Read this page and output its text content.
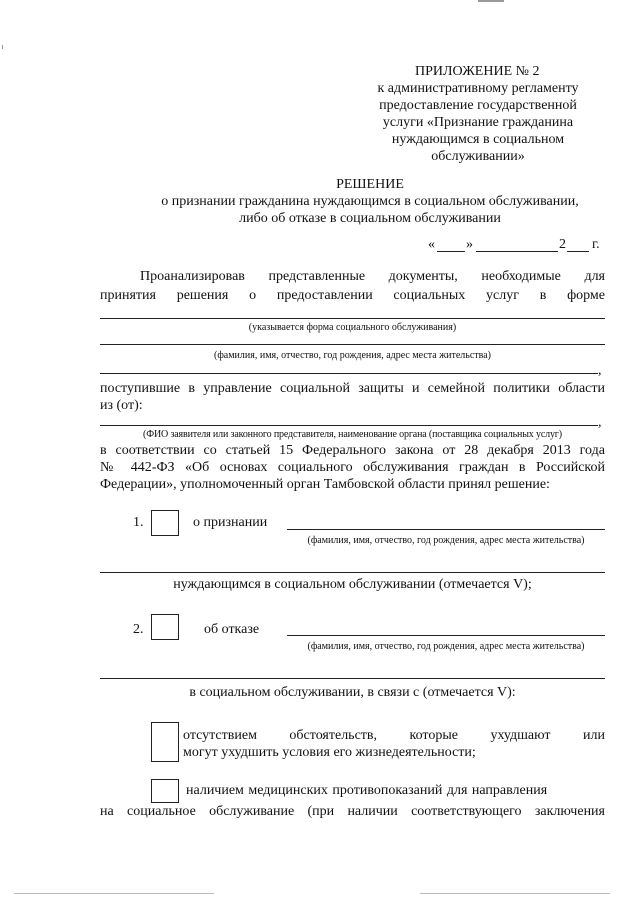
ПРИЛОЖЕНИЕ № 2
к административному регламенту
предоставление государственной
услуги «Признание гражданина
нуждающимся в социальном
обслуживании»
РЕШЕНИЕ
о признании гражданина нуждающимся в социальном обслуживании,
либо об отказе в социальном обслуживании
« »	2 г.
Проанализировав представленные документы, необходимые для
принятия решения о предоставлении социальных услуг в форме
(указывается форма социального обслуживания)
(фамилия, имя, отчество, год рождения, адрес места жительства)
,
поступившие в управление социальной защиты и семейной политики области
из (от):
,
(ФИО заявителя или законного представителя, наименование органа (поставщика социальных услуг)
в соответствии со статьей 15 Федерального закона от 28 декабря 2013 года
№ 442-ФЗ «Об основах социального обслуживания граждан в Российской
Федерации», уполномоченный орган Тамбовской области принял решение:
1.	о признании
(фамилия, имя, отчество, год рождения, адрес места жительства)
нуждающимся в социальном обслуживании (отмечается V);
2.	об отказе
(фамилия, имя, отчество, год рождения, адрес места жительства)
в социальном обслуживании, в связи с (отмечается V):
отсутствием обстоятельств, которые ухудшают или
могут ухудшить условия его жизнедеятельности;
наличием медицинских противопоказаний для направления
на социальное обслуживание (при наличии соответствующего заключения
